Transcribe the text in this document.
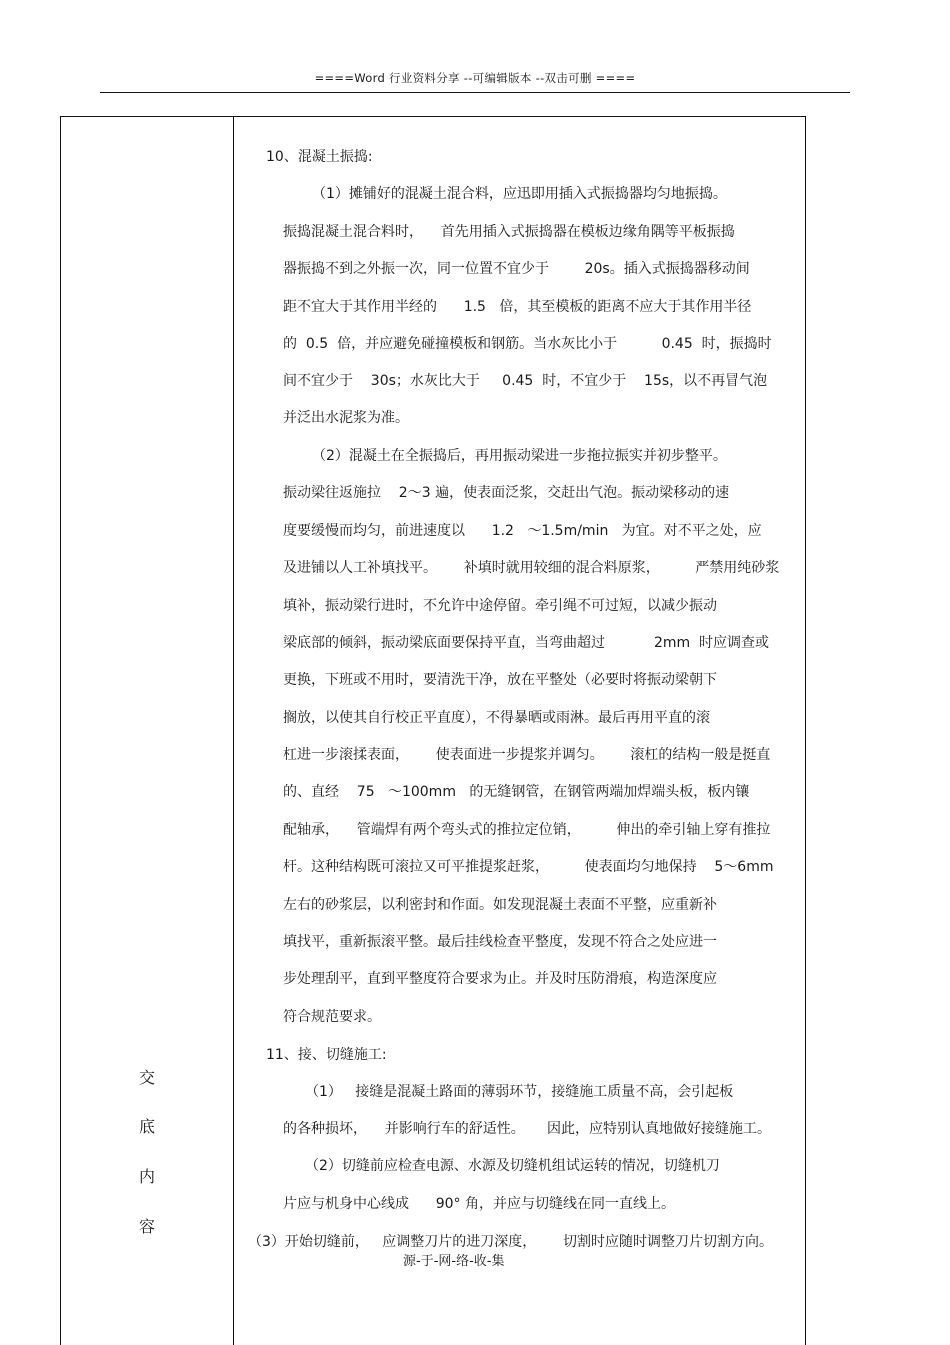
====Word 行业资料分享 --可编辑版本 --双击可删 ====
交
底
内
容
10、混凝土振捣:
（1）摊铺好的混凝土混合料，应迅即用插入式振捣器均匀地振捣。
振捣混凝土混合料时，    首先用插入式振捣器在模板边缘角隅等平板振捣
器振捣不到之外振一次，同一位置不宜少于        20s。插入式振捣器移动间
距不宜大于其作用半经的      1.5   倍，其至模板的距离不应大于其作用半径
的  0.5  倍，并应避免碰撞模板和钢筋。当水灰比小于          0.45  时，振捣时
间不宜少于    30s；水灰比大于     0.45  时，不宜少于    15s，以不再冒气泡
并泛出水泥浆为准。
（2）混凝土在全振捣后，再用振动梁进一步拖拉振实并初步整平。
振动梁往返施拉    2～3 遍，使表面泛浆，交赶出气泡。振动梁移动的速
度要缓慢而均匀，前进速度以      1.2   ～1.5m/min   为宜。对不平之处，应
及进铺以人工补填找平。      补填时就用较细的混合料原浆，        严禁用纯砂浆
填补，振动梁行进时，不允许中途停留。牵引绳不可过短，以减少振动
梁底部的倾斜，振动梁底面要保持平直，当弯曲超过           2mm  时应调查或
更换，下班或不用时，要清洗干净，放在平整处（必要时将振动梁朝下
搁放，以使其自行校正平直度），不得暴晒或雨淋。最后再用平直的滚
杠进一步滚揉表面，      使表面进一步提浆并调匀。      滚杠的结构一般是挺直
的、直经    75   ～100mm   的无缝钢管，在钢管两端加焊端头板，板内镶
配轴承，    管端焊有两个弯头式的推拉定位销，        伸出的牵引轴上穿有推拉
杆。这种结构既可滚拉又可平推提浆赶浆，        使表面均匀地保持    5～6mm
左右的砂浆层，以利密封和作面。如发现混凝土表面不平整，应重新补
填找平，重新振滚平整。最后挂线检查平整度，发现不符合之处应进一
步处理刮平，直到平整度符合要求为止。并及时压防滑痕，构造深度应
符合规范要求。
11、接、切缝施工:
（1）   接缝是混凝土路面的薄弱环节，接缝施工质量不高，会引起板
的各种损坏，    并影响行车的舒适性。     因此，应特别认真地做好接缝施工。
（2）切缝前应检查电源、水源及切缝机组试运转的情况，切缝机刀
片应与机身中心线成      90° 角，并应与切缝线在同一直线上。
（3）开始切缝前，   应调整刀片的进刀深度，      切割时应随时调整刀片切割方向。
源-于-网-络-收-集
